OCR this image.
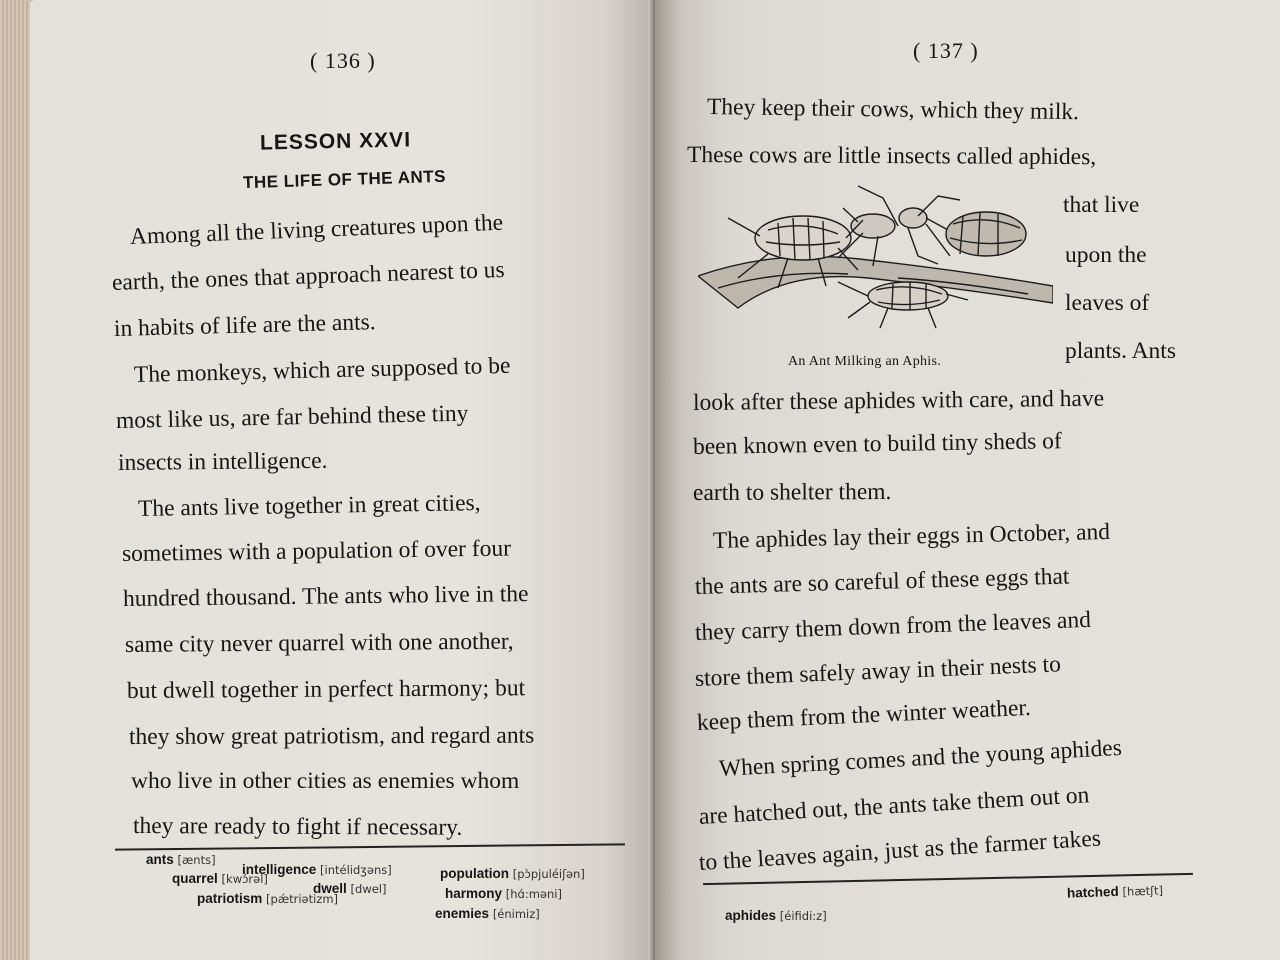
( 136 )
LESSON XXVI
THE LIFE OF THE ANTS
Among all the living creatures upon the
earth, the ones that approach nearest to us
in habits of life are the ants.
The monkeys, which are supposed to be
most like us, are far behind these tiny
insects in intelligence.
The ants live together in great cities,
sometimes with a population of over four
hundred thousand. The ants who live in the
same city never quarrel with one another,
but dwell together in perfect harmony; but
they show great patriotism, and regard ants
who live in other cities as enemies whom
they are ready to fight if necessary.
ants [ænts]
intelligence [intélidʒəns]	population [pɔ̀pjuléiʃən]
quarrel [kwɔ́rəl]
dwell [dwel]	harmony [hɑ́:məni]
patriotism [pǽtriətizm]
enemies [énimiz]
( 137 )
They keep their cows, which they milk.
These cows are little insects called aphides,
An Ant Milking an Aphis.
that live
upon the
leaves of
plants. Ants
look after these aphides with care, and have
been known even to build tiny sheds of
earth to shelter them.
The aphides lay their eggs in October, and
the ants are so careful of these eggs that
they carry them down from the leaves and
store them safely away in their nests to
keep them from the winter weather.
When spring comes and the young aphides
are hatched out, the ants take them out on
to the leaves again, just as the farmer takes
hatched [hætʃt]
aphides [éifidi:z]
